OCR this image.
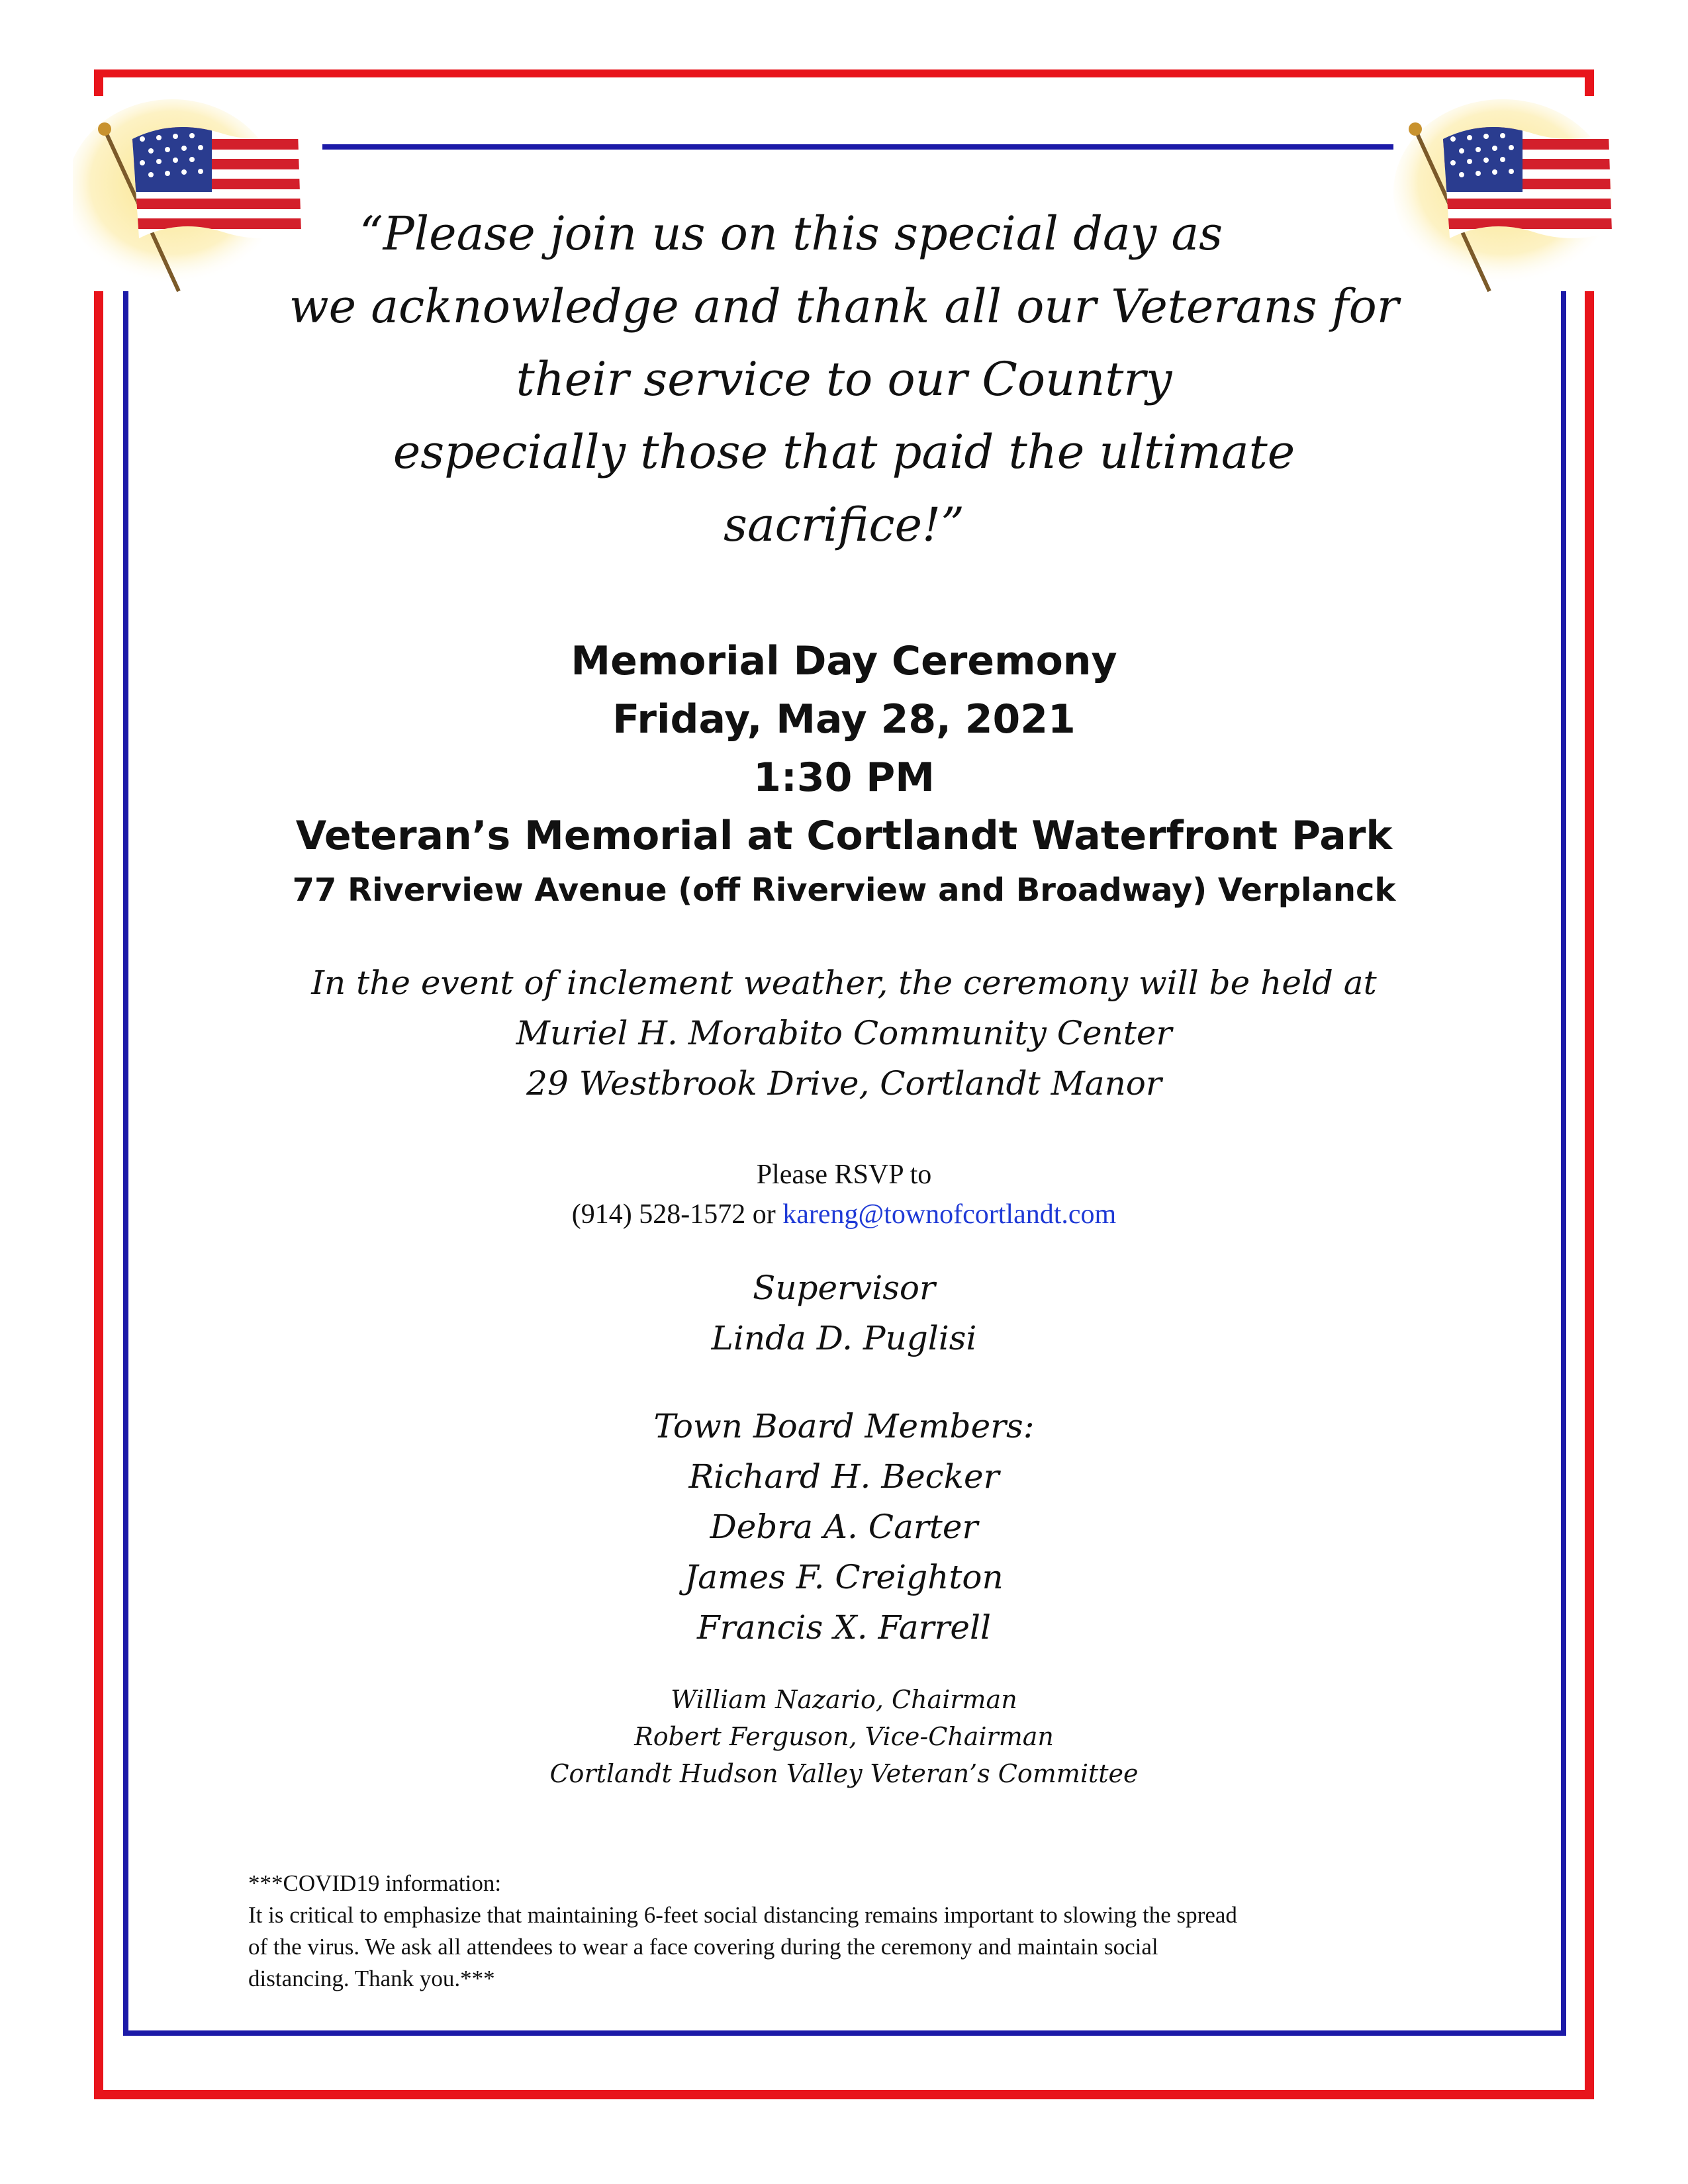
“Please join us on this special day as
we acknowledge and thank all our Veterans for
their service to our Country
especially those that paid the ultimate
sacrifice!”
Memorial Day Ceremony
Friday, May 28, 2021
1:30 PM
Veteran’s Memorial at Cortlandt Waterfront Park
77 Riverview Avenue (off Riverview and Broadway) Verplanck
In the event of inclement weather, the ceremony will be held at
Muriel H. Morabito Community Center
29 Westbrook Drive, Cortlandt Manor
Please RSVP to
(914) 528-1572 or kareng@townofcortlandt.com
Supervisor
Linda D. Puglisi
Town Board Members:
Richard H. Becker
Debra A. Carter
James F. Creighton
Francis X. Farrell
William Nazario, Chairman
Robert Ferguson, Vice-Chairman
Cortlandt Hudson Valley Veteran’s Committee
***COVID19 information:
It is critical to emphasize that maintaining 6-feet social distancing remains important to slowing the spread
of the virus. We ask all attendees to wear a face covering during the ceremony and maintain social
distancing. Thank you.***
